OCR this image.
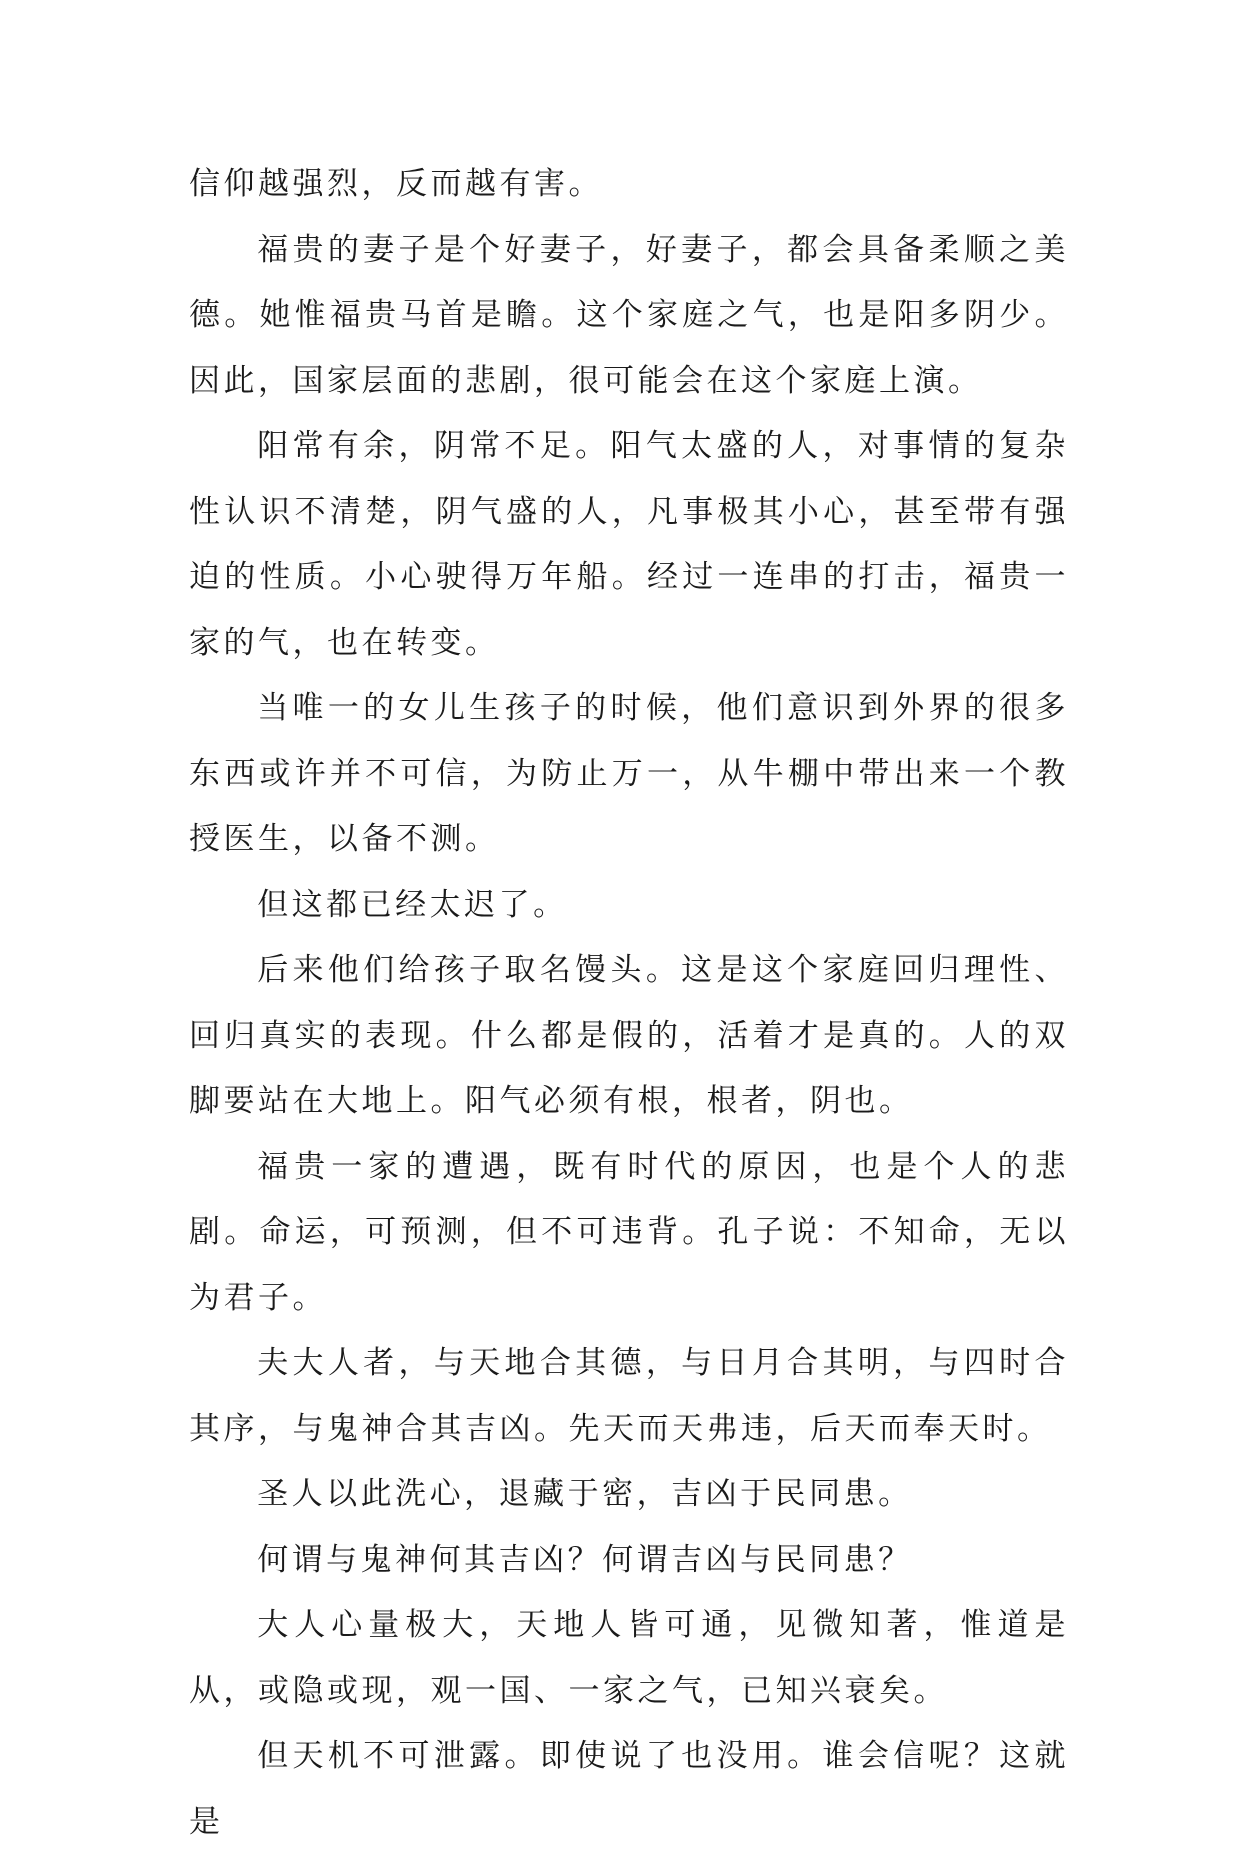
信仰越强烈，反而越有害。

福贵的妻子是个好妻子，好妻子，都会具备柔顺之美德。她惟福贵马首是瞻。这个家庭之气，也是阳多阴少。因此，国家层面的悲剧，很可能会在这个家庭上演。

阳常有余，阴常不足。阳气太盛的人，对事情的复杂性认识不清楚，阴气盛的人，凡事极其小心，甚至带有强迫的性质。小心驶得万年船。经过一连串的打击，福贵一家的气，也在转变。

当唯一的女儿生孩子的时候，他们意识到外界的很多东西或许并不可信，为防止万一，从牛棚中带出来一个教授医生，以备不测。

但这都已经太迟了。

后来他们给孩子取名馒头。这是这个家庭回归理性、回归真实的表现。什么都是假的，活着才是真的。人的双脚要站在大地上。阳气必须有根，根者，阴也。

福贵一家的遭遇，既有时代的原因，也是个人的悲剧。命运，可预测，但不可违背。孔子说：不知命，无以为君子。

夫大人者，与天地合其德，与日月合其明，与四时合其序，与鬼神合其吉凶。先天而天弗违，后天而奉天时。

圣人以此洗心，退藏于密，吉凶于民同患。

何谓与鬼神何其吉凶？何谓吉凶与民同患？

大人心量极大，天地人皆可通，见微知著，惟道是从，或隐或现，观一国、一家之气，已知兴衰矣。

但天机不可泄露。即使说了也没用。谁会信呢？这就是
